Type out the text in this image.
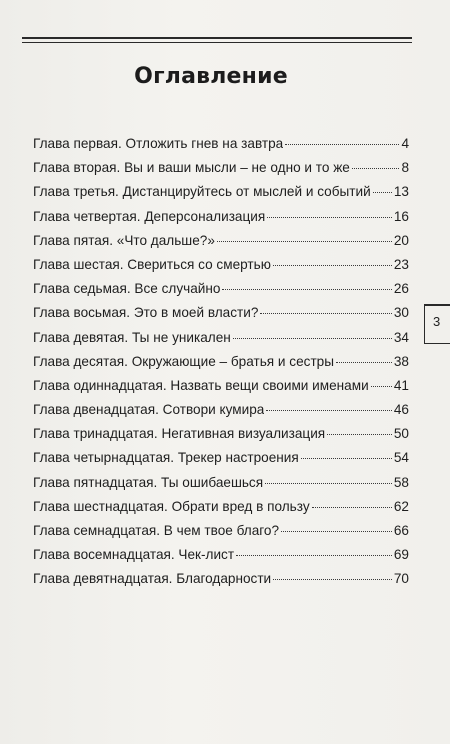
Оглавление
Глава первая. Отложить гнев на завтра	4
Глава вторая. Вы и ваши мысли – не одно и то же	8
Глава третья. Дистанцируйтесь от мыслей и событий 13
Глава четвертая. Деперсонализация	16
Глава пятая. «Что дальше?»	20
Глава шестая. Свериться со смертью	23
Глава седьмая. Все случайно	26
Глава восьмая. Это в моей власти?	30
Глава девятая. Ты не уникален	34
Глава десятая. Окружающие – братья и сестры	38
Глава одиннадцатая. Назвать вещи своими именами 41
Глава двенадцатая. Сотвори кумира	46
Глава тринадцатая. Негативная визуализация	50
Глава четырнадцатая. Трекер настроения	54
Глава пятнадцатая. Ты ошибаешься	58
Глава шестнадцатая. Обрати вред в пользу	62
Глава семнадцатая. В чем твое благо?	66
Глава восемнадцатая. Чек-лист	69
Глава девятнадцатая. Благодарности	70
3
